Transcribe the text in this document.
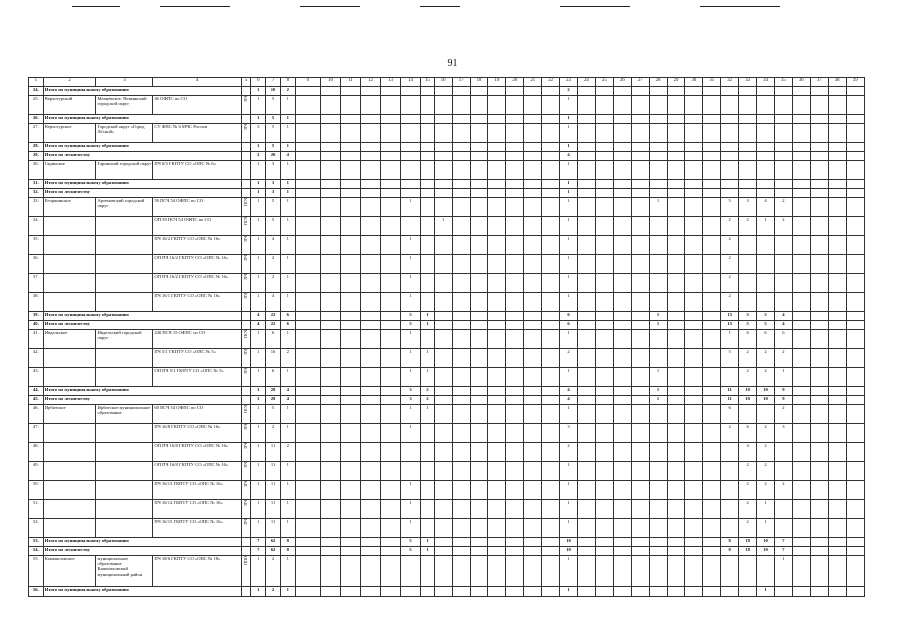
91
1	2	3	4	5	6	7	8	9	10	11	12	13	14	15	16	17	18	19	20	21	22	23	24	25	26	27	28	29	30	31	32	33	34	35	36	37	38	39
24.	Итого по муниципальному образованию				1	10	2															2																
25.	Верхотурский	Махнёвское, Невьянский городской округ	46 ОФПС по СО	ПЧ	1	5	1															1																
26.	Итого по муниципальному образованию				1	5	1															1																
27.	Верхотурское	Городской округ «Город Лесной»	СУ ФПС № 6 МЧС России	ПЧ	3	5	1															1																
28.	Итого по муниципальному образованию				1	5	1															1																
29.	Итого по лесничеству				2	20	4															4																
30.	Гаринское	Гаринский городской округ	ПЧ 6/3 ГКПТУ СО «ОПС № 6»		1	3	1															1																
31.	Итого по муниципальному образованию				1	3	1															1																
32.	Итого по лесничеству				1	3	1															1																
33.	Егоршинское	Артемовский городской округ	59 ПСЧ 54 ОФПС по СО	ПСЧ	1	5	1						1									1					1				5	3	4	2				
34.			ОП 59 ПСЧ 54 ОФПС по СО	ПСЧ	1	5	1								1							1									2	2	1	2				
35.			ПЧ 16/2 ГКПТУ СО «ОПС № 16»	ПЧ	1	4	1						1									1									2							
36.			ОП ПЧ 16/2 ГКПТУ СО «ОПС № 16»	ПЧ	1	2	1						1									1									2							
37.			ОП ПЧ 16/2 ГКПТУ СО «ОПС № 16»	ПЧ	1	2	1						1									1									2							
38.			ПЧ 16/1 ГКПТУ СО «ОПС № 16»	ПЧ	1	4	1						1									1									2							
39.	Итого по муниципальному образованию				4	22	6						5	1								6					1				15	5	5	4				
40.	Итого по лесничеству				4	22	6						5	1								6					1				15	5	5	4				
41.	Ивдельское	Ивдельский городской округ	240 ПСЧ 15 ОФПС по СО	ПСЧ	1	6	1						1									1									1	6	6	6				
42.			ПЧ 5/1 ГКПТУ СО «ОПС № 5»	ПЧ	1	16	2						1	1								2									5	2	2	2				
43.			ОП ПЧ 5/1 ГКПТУ СО «ОПС № 5»	ПЧ	1	6	1						1	1								1					1					2	2	1				
44.	Итого по муниципальному образованию				3	28	4						3	2								4					1				11	10	10	9				
45.	Итого по лесничеству				3	28	4						3	2								4					1				11	10	10	9				
46.	Ирбитское	Ирбитское муниципальное образование	60 ПСЧ 54 ОФПС по СО	ПСЧ	1	5	1						1	1								1									6			2				
47.			ПЧ 16/8 ГКПТУ СО «ОПС № 16»	ПЧ	1	2	1						1									3									2	6	2	3				
48.			ОП ПЧ 16/8 ГКПТУ СО «ОПС № 16»	ПЧ	1	11	2															2										4	2					
49.			ОП ПЧ 16/8 ГКПТУ СО «ОПС № 16»	ПЧ	1	11	1															1										2	2					
50.			ПЧ 16/13 ГКПТУ СО «ОПС № 16»	ПЧ	1	11	1						1									1										2	2	2				
51.			ПЧ 16/14 ГКПТУ СО «ОПС № 16»	ПЧ	1	11	1						1									1										2	1					
52.			ПЧ 16/15 ГКПТУ СО «ОПС № 16»	ПЧ	1	11	1						1									1										2	1					
53.	Итого по муниципальному образованию				7	62	8						5	1								10									8	18	10	7				
54.	Итого по лесничеству				7	62	8						5	1								10									8	18	10	7				
55.	Камышловское	муниципальное образование Камышловский муниципальный район	ПЧ 18/6 ГКПТУ СО «ОПС № 18»	ППО	1	2	1															1												1				
56.	Итого по муниципальному образованию				1	2	1															1											1					
